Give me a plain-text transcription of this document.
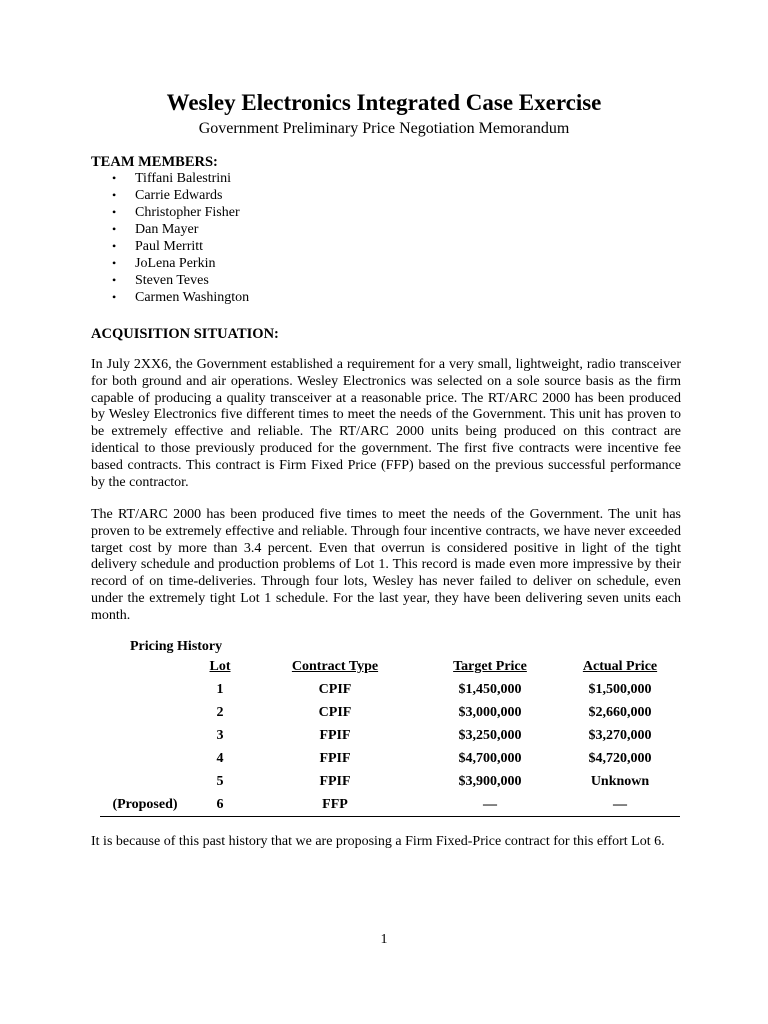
Wesley Electronics Integrated Case Exercise
Government Preliminary Price Negotiation Memorandum
TEAM MEMBERS:
• Tiffani Balestrini
• Carrie Edwards
• Christopher Fisher
• Dan Mayer
• Paul Merritt
• JoLena Perkin
• Steven Teves
• Carmen Washington
ACQUISITION SITUATION:

In July 2XX6, the Government established a requirement for a very small, lightweight, radio transceiver for both ground and air operations. Wesley Electronics was selected on a sole source basis as the firm capable of producing a quality transceiver at a reasonable price. The RT/ARC 2000 has been produced by Wesley Electronics five different times to meet the needs of the Government. This unit has proven to be extremely effective and reliable. The RT/ARC 2000 units being produced on this contract are identical to those previously produced for the government. The first five contracts were incentive fee based contracts. This contract is Firm Fixed Price (FFP) based on the previous successful performance by the contractor.

The RT/ARC 2000 has been produced five times to meet the needs of the Government. The unit has proven to be extremely effective and reliable. Through four incentive contracts, we have never exceeded target cost by more than 3.4 percent. Even that overrun is considered positive in light of the tight delivery schedule and production problems of Lot 1. This record is made even more impressive by their record of on time-deliveries. Through four lots, Wesley has never failed to deliver on schedule, even under the extremely tight Lot 1 schedule. For the last year, they have been delivering seven units each month.

Pricing History
	Lot	Contract Type	Target Price	Actual Price
	1	CPIF	$1,450,000	$1,500,000
	2	CPIF	$3,000,000	$2,660,000
	3	FPIF	$3,250,000	$3,270,000
	4	FPIF	$4,700,000	$4,720,000
	5	FPIF	$3,900,000	Unknown
(Proposed)	6	FFP	—	—

It is because of this past history that we are proposing a Firm Fixed-Price contract for this effort Lot 6.

1
